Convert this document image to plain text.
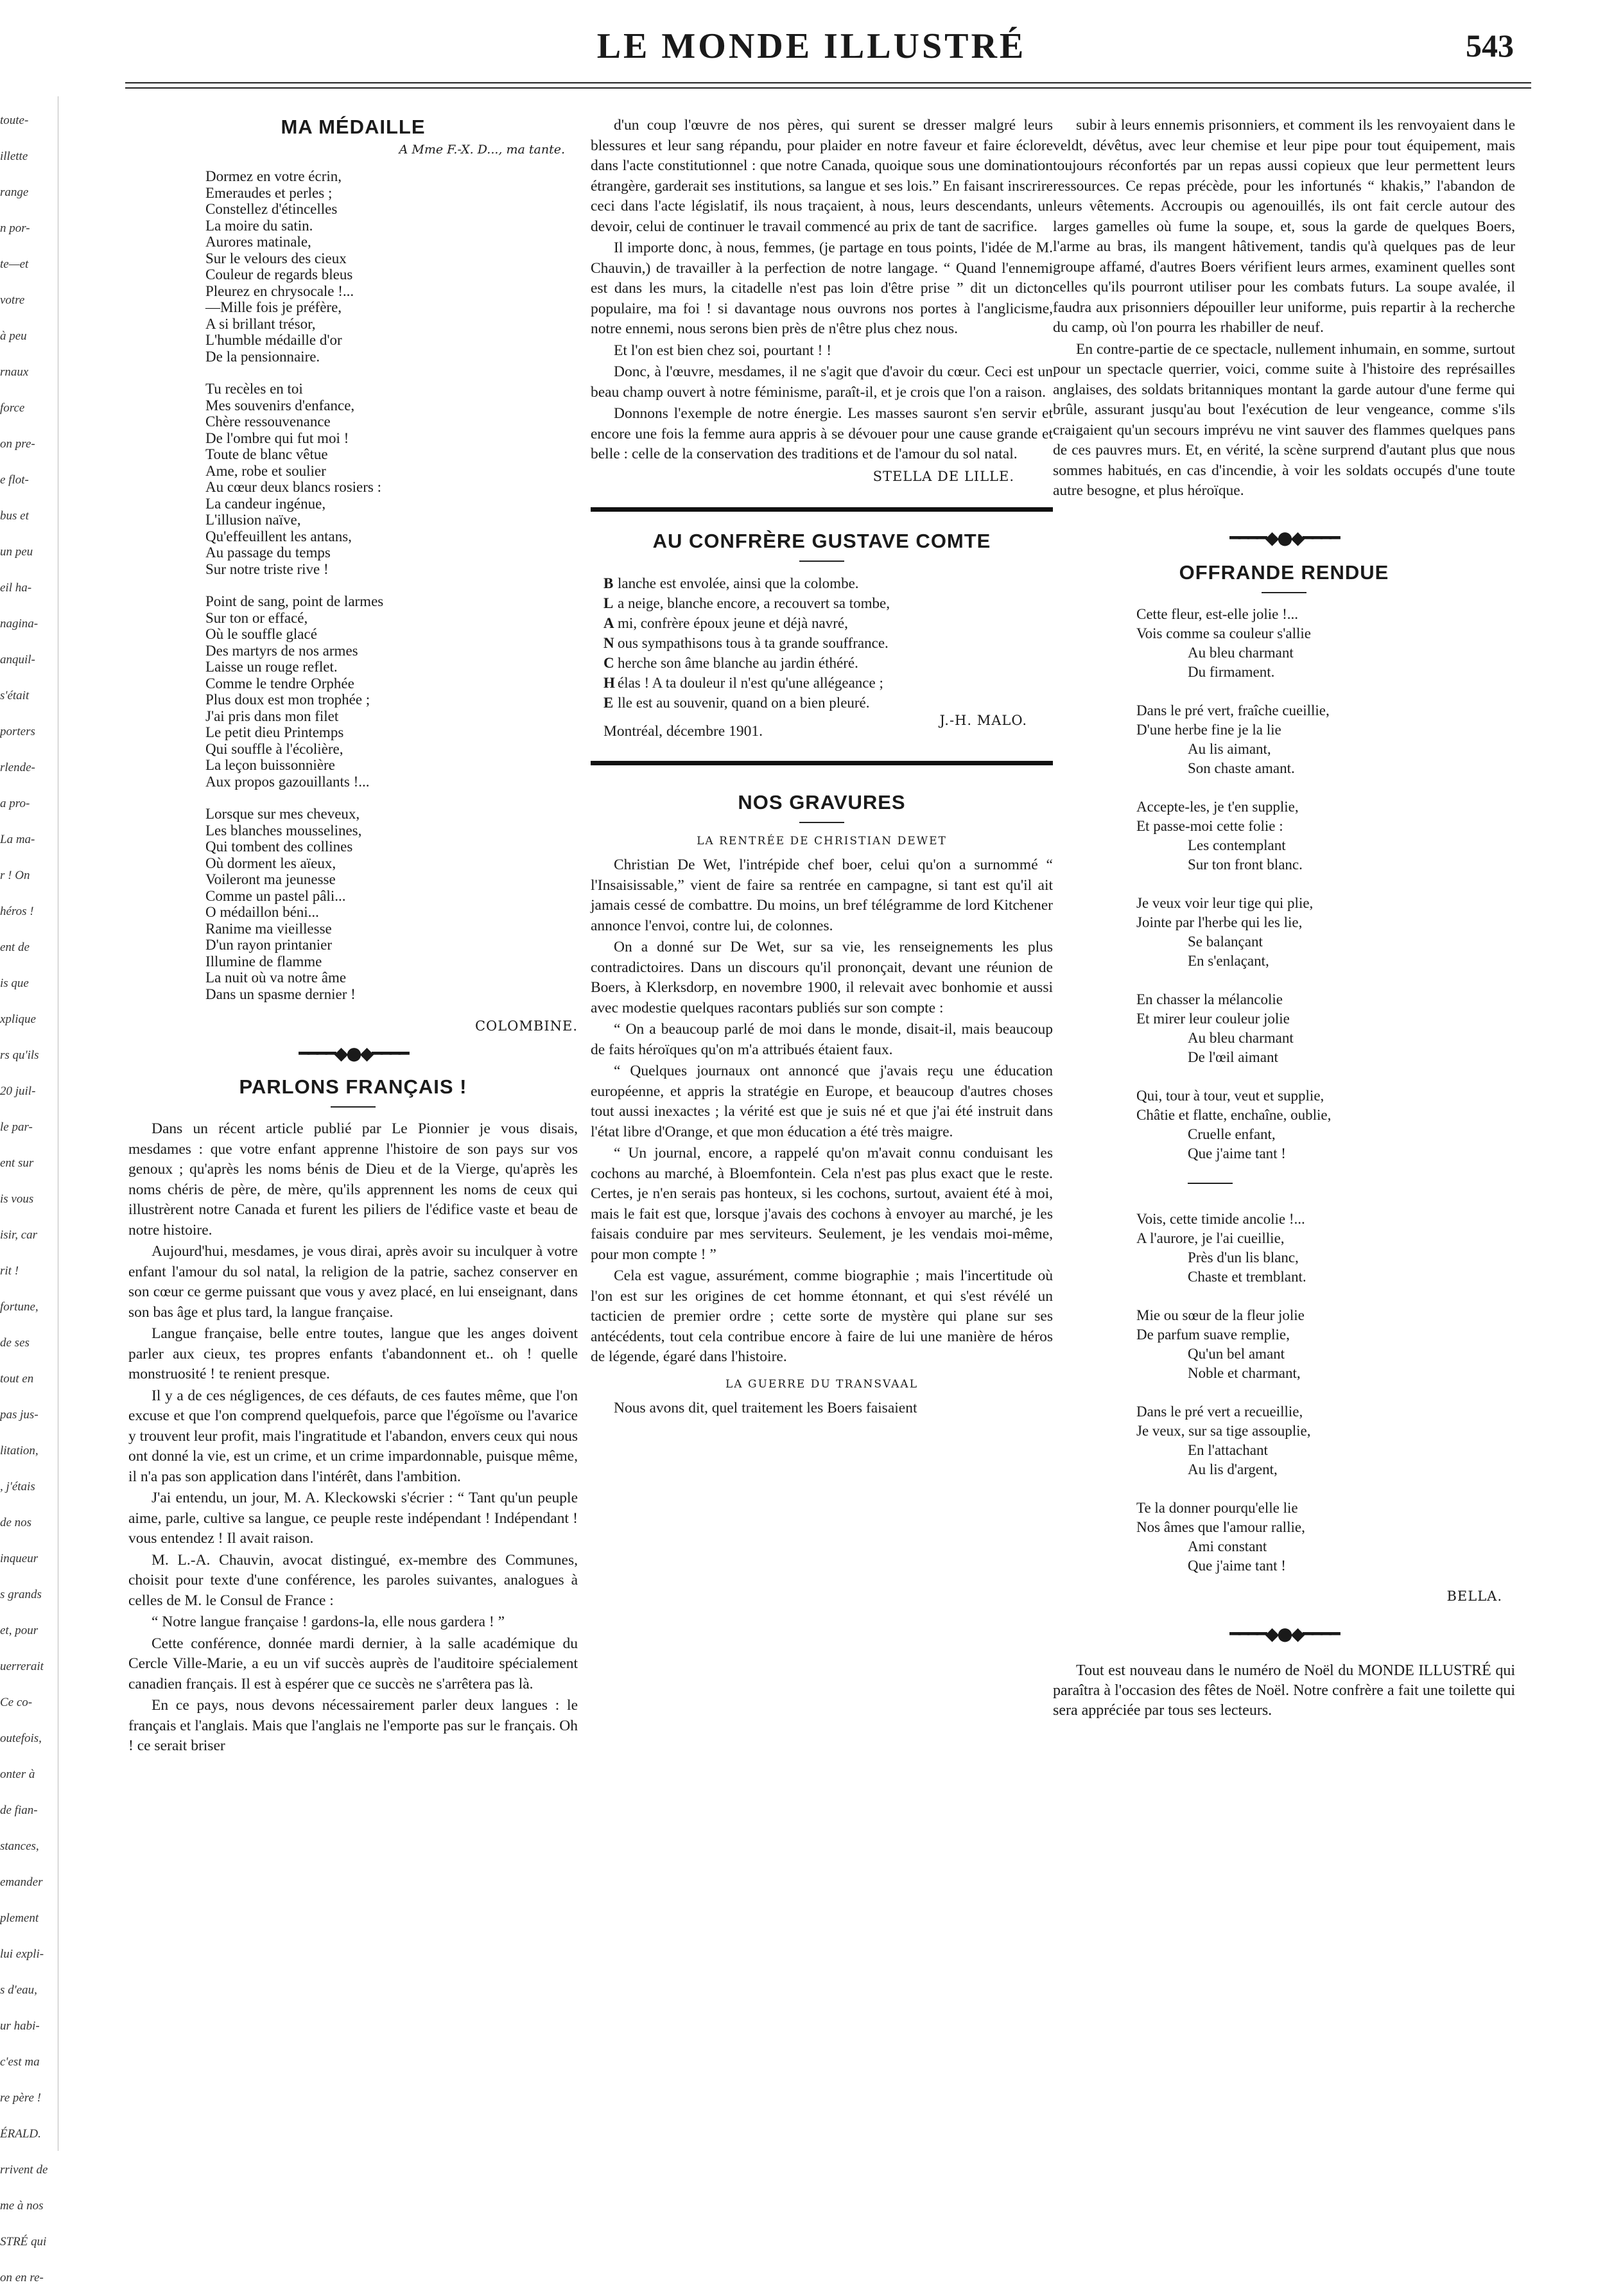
toute-
illette
range
n por-
te—et
votre
à peu
rnaux
force
on pre-
e flot-
bus et
un peu
eil ha-
nagina-
anquil-
s'était
porters
rlende-
a pro-
La ma-
r ! On
héros !
ent de
is que
xplique
rs qu'ils
20 juil-
le par-
ent sur
is vous
isir, car
rit !
fortune,
de ses
tout en
pas jus-
litation,
, j'étais
de nos
inqueur
s grands
et, pour
uerrerait
Ce co-
outefois,
onter à
de fian-
stances,
emander
plement
lui expli-
s d'eau,
ur habi-
c'est ma
re père !
ÉRALD.
rrivent de
me à nos
STRÉ qui
on en re-
LE MONDE ILLUSTRÉ	543
MA MÉDAILLE
A Mme F.-X. D..., ma tante.
Dormez en votre écrin,
Emeraudes et perles ;
Constellez d'étincelles
La moire du satin.
Aurores matinale,
Sur le velours des cieux
Couleur de regards bleus
Pleurez en chrysocale !...
—Mille fois je préfère,
A si brillant trésor,
L'humble médaille d'or
De la pensionnaire.
Tu recèles en toi
Mes souvenirs d'enfance,
Chère ressouvenance
De l'ombre qui fut moi !
Toute de blanc vêtue
Ame, robe et soulier
Au cœur deux blancs rosiers :
La candeur ingénue,
L'illusion naïve,
Qu'effeuillent les antans,
Au passage du temps
Sur notre triste rive !
Point de sang, point de larmes
Sur ton or effacé,
Où le souffle glacé
Des martyrs de nos armes
Laisse un rouge reflet.
Comme le tendre Orphée
Plus doux est mon trophée ;
J'ai pris dans mon filet
Le petit dieu Printemps
Qui souffle à l'écolière,
La leçon buissonnière
Aux propos gazouillants !...
Lorsque sur mes cheveux,
Les blanches mousselines,
Qui tombent des collines
Où dorment les aïeux,
Voileront ma jeunesse
Comme un pastel pâli...
O médaillon béni...
Ranime ma vieillesse
D'un rayon printanier
Illumine de flamme
La nuit où va notre âme
Dans un spasme dernier !
COLOMBINE.
━━━━◆●◆━━━━
PARLONS FRANÇAIS !

Dans un récent article publié par Le Pionnier je vous disais, mesdames : que votre enfant apprenne l'histoire de son pays sur vos genoux ; qu'après les noms bénis de Dieu et de la Vierge, qu'après les noms chéris de père, de mère, qu'ils apprennent les noms de ceux qui illustrèrent notre Canada et furent les piliers de l'édifice vaste et beau de notre histoire.

Aujourd'hui, mesdames, je vous dirai, après avoir su inculquer à votre enfant l'amour du sol natal, la religion de la patrie, sachez conserver en son cœur ce germe puissant que vous y avez placé, en lui enseignant, dans son bas âge et plus tard, la langue française.

Langue française, belle entre toutes, langue que les anges doivent parler aux cieux, tes propres enfants t'abandonnent et.. oh ! quelle monstruosité ! te renient presque.

Il y a de ces négligences, de ces défauts, de ces fautes même, que l'on excuse et que l'on comprend quelquefois, parce que l'égoïsme ou l'avarice y trouvent leur profit, mais l'ingratitude et l'abandon, envers ceux qui nous ont donné la vie, est un crime, et un crime impardonnable, puisque même, il n'a pas son application dans l'intérêt, dans l'ambition.

J'ai entendu, un jour, M. A. Kleckowski s'écrier : “ Tant qu'un peuple aime, parle, cultive sa langue, ce peuple reste indépendant ! Indépendant ! vous entendez ! Il avait raison.

M. L.-A. Chauvin, avocat distingué, ex-membre des Communes, choisit pour texte d'une conférence, les paroles suivantes, analogues à celles de M. le Consul de France :

“ Notre langue française ! gardons-la, elle nous gardera ! ”

Cette conférence, donnée mardi dernier, à la salle académique du Cercle Ville-Marie, a eu un vif succès auprès de l'auditoire spécialement canadien français. Il est à espérer que ce succès ne s'arrêtera pas là.

En ce pays, nous devons nécessairement parler deux langues : le français et l'anglais. Mais que l'anglais ne l'emporte pas sur le français. Oh ! ce serait briser

d'un coup l'œuvre de nos pères, qui surent se dresser malgré leurs blessures et leur sang répandu, pour plaider en notre faveur et faire éclore dans l'acte constitutionnel : que notre Canada, quoique sous une domination étrangère, garderait ses institutions, sa langue et ses lois.” En faisant inscrire ceci dans l'acte législatif, ils nous traçaient, à nous, leurs descendants, un devoir, celui de continuer le travail commencé au prix de tant de sacrifice.

Il importe donc, à nous, femmes, (je partage en tous points, l'idée de M. Chauvin,) de travailler à la perfection de notre langage. “ Quand l'ennemi est dans les murs, la citadelle n'est pas loin d'être prise ” dit un dicton populaire, ma foi ! si davantage nous ouvrons nos portes à l'anglicisme, notre ennemi, nous serons bien près de n'être plus chez nous.

Et l'on est bien chez soi, pourtant ! !

Donc, à l'œuvre, mesdames, il ne s'agit que d'avoir du cœur. Ceci est un beau champ ouvert à notre féminisme, paraît-il, et je crois que l'on a raison.

Donnons l'exemple de notre énergie. Les masses sauront s'en servir et encore une fois la femme aura appris à se dévouer pour une cause grande et belle : celle de la conservation des traditions et de l'amour du sol natal.

STELLA DE LILLE.
AU CONFRÈRE GUSTAVE COMTE
B lanche est envolée, ainsi que la colombe.
L a neige, blanche encore, a recouvert sa tombe,
A mi, confrère époux jeune et déjà navré,
N ous sympathisons tous à ta grande souffrance.
C herche son âme blanche au jardin éthéré.
H élas ! A ta douleur il n'est qu'une allégeance ;
E lle est au souvenir, quand on a bien pleuré.
J.-H. MALO.
Montréal, décembre 1901.
NOS GRAVURES
LA RENTRÉE DE CHRISTIAN DEWET

Christian De Wet, l'intrépide chef boer, celui qu'on a surnommé “ l'Insaisissable,” vient de faire sa rentrée en campagne, si tant est qu'il ait jamais cessé de combattre. Du moins, un bref télégramme de lord Kitchener annonce l'envoi, contre lui, de colonnes.

On a donné sur De Wet, sur sa vie, les renseignements les plus contradictoires. Dans un discours qu'il prononçait, devant une réunion de Boers, à Klerksdorp, en novembre 1900, il relevait avec bonhomie et aussi avec modestie quelques racontars publiés sur son compte :

“ On a beaucoup parlé de moi dans le monde, disait-il, mais beaucoup de faits héroïques qu'on m'a attribués étaient faux.

“ Quelques journaux ont annoncé que j'avais reçu une éducation européenne, et appris la stratégie en Europe, et beaucoup d'autres choses tout aussi inexactes ; la vérité est que je suis né et que j'ai été instruit dans l'état libre d'Orange, et que mon éducation a été très maigre.

“ Un journal, encore, a rappelé qu'on m'avait connu conduisant les cochons au marché, à Bloemfontein. Cela n'est pas plus exact que le reste. Certes, je n'en serais pas honteux, si les cochons, surtout, avaient été à moi, mais le fait est que, lorsque j'avais des cochons à envoyer au marché, je les faisais conduire par mes serviteurs. Seulement, je les vendais moi-même, pour mon compte ! ”

Cela est vague, assurément, comme biographie ; mais l'incertitude où l'on est sur les origines de cet homme étonnant, et qui s'est révélé un tacticien de premier ordre ; cette sorte de mystère qui plane sur ses antécédents, tout cela contribue encore à faire de lui une manière de héros de légende, égaré dans l'histoire.

LA GUERRE DU TRANSVAAL

Nous avons dit, quel traitement les Boers faisaient

subir à leurs ennemis prisonniers, et comment ils les renvoyaient dans le veldt, dévêtus, avec leur chemise et leur pipe pour tout équipement, mais toujours réconfortés par un repas aussi copieux que leur permettent leurs ressources. Ce repas précède, pour les infortunés “ khakis,” l'abandon de leurs vêtements. Accroupis ou agenouillés, ils ont fait cercle autour des larges gamelles où fume la soupe, et, sous la garde de quelques Boers, l'arme au bras, ils mangent hâtivement, tandis qu'à quelques pas de leur groupe affamé, d'autres Boers vérifient leurs armes, examinent quelles sont celles qu'ils pourront utiliser pour les combats futurs. La soupe avalée, il faudra aux prisonniers dépouiller leur uniforme, puis repartir à la recherche du camp, où l'on pourra les rhabiller de neuf.

En contre-partie de ce spectacle, nullement inhumain, en somme, surtout pour un spectacle querrier, voici, comme suite à l'histoire des représailles anglaises, des soldats britanniques montant la garde autour d'une ferme qui brûle, assurant jusqu'au bout l'exécution de leur vengeance, comme s'ils craigaient qu'un secours imprévu ne vint sauver des flammes quelques pans de ces pauvres murs. Et, en vérité, la scène surprend d'autant plus que nous sommes habitués, en cas d'incendie, à voir les soldats occupés d'une toute autre besogne, et plus héroïque.

━━━━◆●◆━━━━
OFFRANDE RENDUE
Cette fleur, est-elle jolie !...
Vois comme sa couleur s'allie
Au bleu charmant
Du firmament.
Dans le pré vert, fraîche cueillie,
D'une herbe fine je la lie
Au lis aimant,
Son chaste amant.
Accepte-les, je t'en supplie,
Et passe-moi cette folie :
Les contemplant
Sur ton front blanc.
Je veux voir leur tige qui plie,
Jointe par l'herbe qui les lie,
Se balançant
En s'enlaçant,
En chasser la mélancolie
Et mirer leur couleur jolie
Au bleu charmant
De l'œil aimant
Qui, tour à tour, veut et supplie,
Châtie et flatte, enchaîne, oublie,
Cruelle enfant,
Que j'aime tant !
Vois, cette timide ancolie !...
A l'aurore, je l'ai cueillie,
Près d'un lis blanc,
Chaste et tremblant.
Mie ou sœur de la fleur jolie
De parfum suave remplie,
Qu'un bel amant
Noble et charmant,
Dans le pré vert a recueillie,
Je veux, sur sa tige assouplie,
En l'attachant
Au lis d'argent,
Te la donner pourqu'elle lie
Nos âmes que l'amour rallie,
Ami constant
Que j'aime tant !
BELLA.
━━━━◆●◆━━━━
Tout est nouveau dans le numéro de Noël du MONDE ILLUSTRÉ qui paraîtra à l'occasion des fêtes de Noël. Notre confrère a fait une toilette qui sera appréciée par tous ses lecteurs.
